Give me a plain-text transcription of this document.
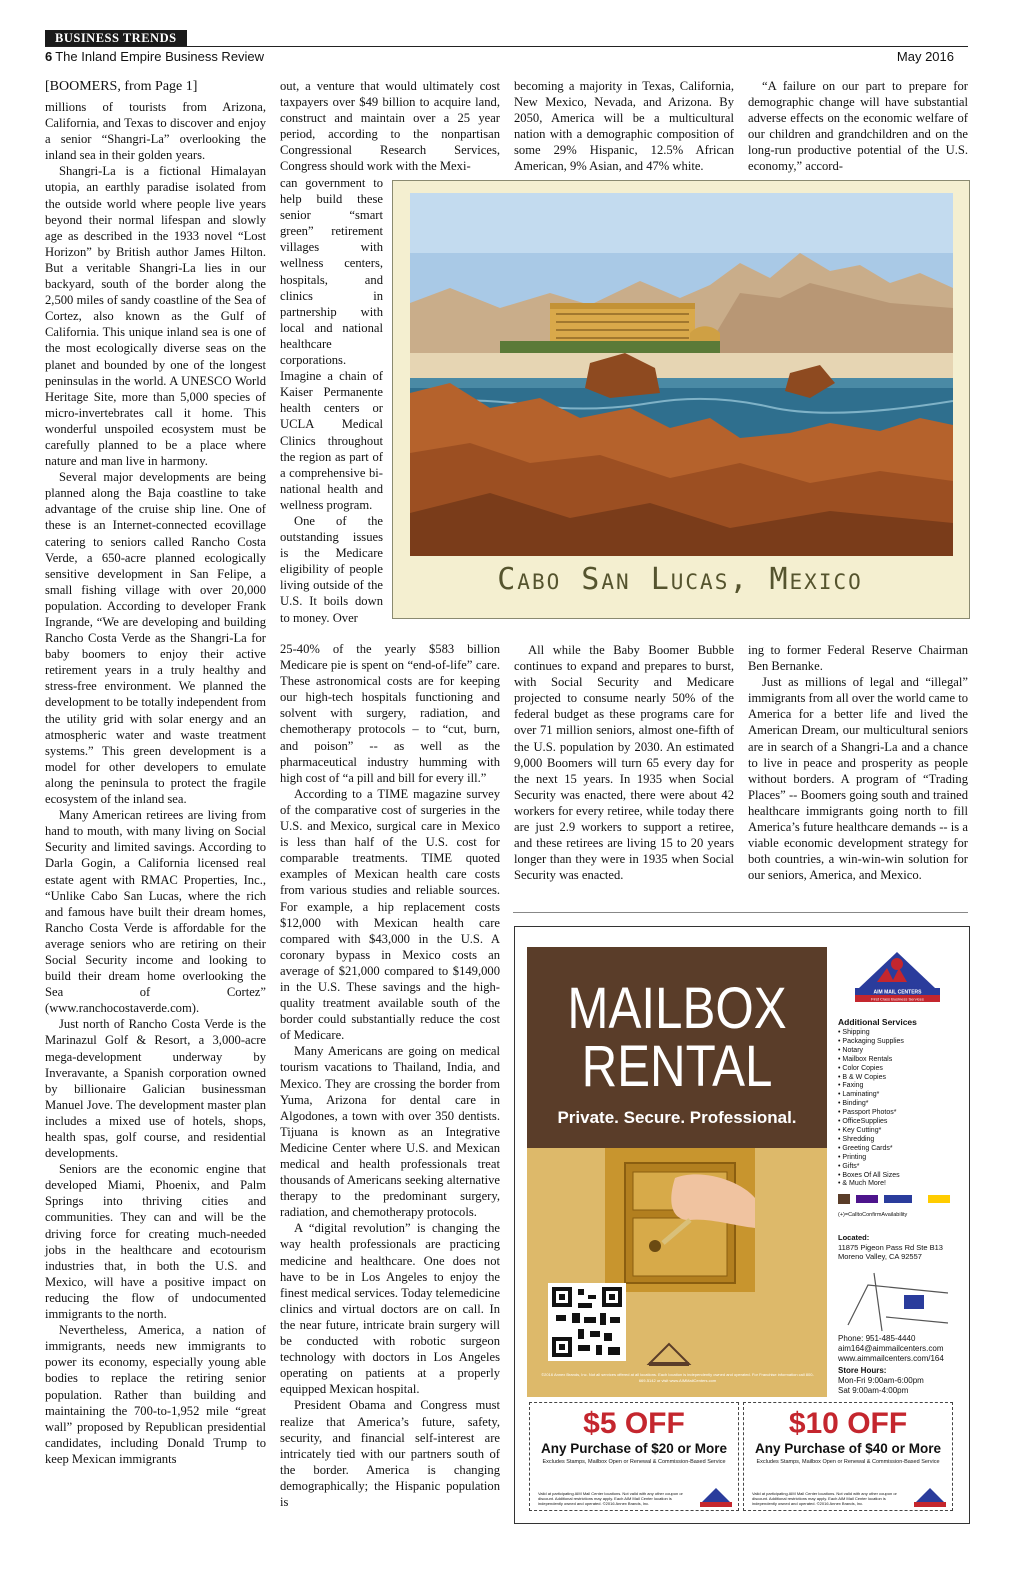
BUSINESS TRENDS
6 The Inland Empire Business Review	May 2016

[BOOMERS, from Page 1]

millions of tourists from Arizona, California, and Texas to discover and enjoy a senior “Shangri-La” overlooking the inland sea in their golden years.

Shangri-La is a fictional Himalayan utopia, an earthly paradise isolated from the outside world where people live years beyond their normal lifespan and slowly age as described in the 1933 novel “Lost Horizon” by British author James Hilton. But a veritable Shangri-La lies in our backyard, south of the border along the 2,500 miles of sandy coastline of the Sea of Cortez, also known as the Gulf of California. This unique inland sea is one of the most ecologically diverse seas on the planet and bounded by one of the longest peninsulas in the world. A UNESCO World Heritage Site, more than 5,000 species of micro-invertebrates call it home. This wonderful unspoiled ecosystem must be carefully planned to be a place where nature and man live in harmony.

Several major developments are being planned along the Baja coastline to take advantage of the cruise ship line. One of these is an Internet-connected ecovillage catering to seniors called Rancho Costa Verde, a 650-acre planned ecologically sensitive development in San Felipe, a small fishing village with over 20,000 population. According to developer Frank Ingrande, “We are developing and building Rancho Costa Verde as the Shangri-La for baby boomers to enjoy their active retirement years in a truly healthy and stress-free environment. We planned the development to be totally independent from the utility grid with solar energy and an atmospheric water and waste treatment systems.” This green development is a model for other developers to emulate along the peninsula to protect the fragile ecosystem of the inland sea.

Many American retirees are living from hand to mouth, with many living on Social Security and limited savings. According to Darla Gogin, a California licensed real estate agent with RMAC Properties, Inc., “Unlike Cabo San Lucas, where the rich and famous have built their dream homes, Rancho Costa Verde is affordable for the average seniors who are retiring on their Social Security income and looking to build their dream home overlooking the Sea of Cortez” (www.ranchocostaverde.com).

Just north of Rancho Costa Verde is the Marinazul Golf & Resort, a 3,000-acre mega-development underway by Inveravante, a Spanish corporation owned by billionaire Galician businessman Manuel Jove. The development master plan includes a mixed use of hotels, shops, health spas, golf course, and residential developments.

Seniors are the economic engine that developed Miami, Phoenix, and Palm Springs into thriving cities and communities. They can and will be the driving force for creating much-needed jobs in the healthcare and ecotourism industries that, in both the U.S. and Mexico, will have a positive impact on reducing the flow of undocumented immigrants to the north.

Nevertheless, America, a nation of immigrants, needs new immigrants to power its economy, especially young able bodies to replace the retiring senior population. Rather than building and maintaining the 700-to-1,952 mile “great wall” proposed by Republican presidential candidates, including Donald Trump to keep Mexican immigrants

out, a venture that would ultimately cost taxpayers over $49 billion to acquire land, construct and maintain over a 25 year period, according to the nonpartisan Congressional Research Services, Congress should work with the Mexi-

can government to help build these senior “smart green” retirement villages with wellness centers, hospitals, and clinics in partnership with local and national healthcare corporations. Imagine a chain of Kaiser Permanente health centers or UCLA Medical Clinics throughout the region as part of a comprehensive bi-national health and wellness program.

One of the outstanding issues is the Medicare eligibility of people living outside of the U.S. It boils down to money. Over

25-40% of the yearly $583 billion Medicare pie is spent on “end-of-life” care. These astronomical costs are for keeping our high-tech hospitals functioning and solvent with surgery, radiation, and chemotherapy protocols – to “cut, burn, and poison” -- as well as the pharmaceutical industry humming with high cost of “a pill and bill for every ill.”

According to a TIME magazine survey of the comparative cost of surgeries in the U.S. and Mexico, surgical care in Mexico is less than half of the U.S. cost for comparable treatments. TIME quoted examples of Mexican health care costs from various studies and reliable sources. For example, a hip replacement costs $12,000 with Mexican health care compared with $43,000 in the U.S. A coronary bypass in Mexico costs an average of $21,000 compared to $149,000 in the U.S. These savings and the high-quality treatment available south of the border could substantially reduce the cost of Medicare.

Many Americans are going on medical tourism vacations to Thailand, India, and Mexico. They are crossing the border from Yuma, Arizona for dental care in Algodones, a town with over 350 dentists. Tijuana is known as an Integrative Medicine Center where U.S. and Mexican medical and health professionals treat thousands of Americans seeking alternative therapy to the predominant surgery, radiation, and chemotherapy protocols.

A “digital revolution” is changing the way health professionals are practicing medicine and healthcare. One does not have to be in Los Angeles to enjoy the finest medical services. Today telemedicine clinics and virtual doctors are on call. In the near future, intricate brain surgery will be conducted with robotic surgeon technology with doctors in Los Angeles operating on patients at a properly equipped Mexican hospital.

President Obama and Congress must realize that America’s future, safety, security, and financial self-interest are intricately tied with our partners south of the border. America is changing demographically; the Hispanic population is

becoming a majority in Texas, California, New Mexico, Nevada, and Arizona. By 2050, America will be a multicultural nation with a demographic composition of some 29% Hispanic, 12.5% African American, 9% Asian, and 47% white.

“A failure on our part to prepare for demographic change will have substantial adverse effects on the economic welfare of our children and grandchildren and on the long-run productive potential of the U.S. economy,” accord-

Cabo San Lucas, Mexico

All while the Baby Boomer Bubble continues to expand and prepares to burst, with Social Security and Medicare projected to consume nearly 50% of the federal budget as these programs care for over 71 million seniors, almost one-fifth of the U.S. population by 2030. An estimated 9,000 Boomers will turn 65 every day for the next 15 years. In 1935 when Social Security was enacted, there were about 42 workers for every retiree, while today there are just 2.9 workers to support a retiree, and these retirees are living 15 to 20 years longer than they were in 1935 when Social Security was enacted.

ing to former Federal Reserve Chairman Ben Bernanke.

Just as millions of legal and “illegal” immigrants from all over the world came to America for a better life and lived the American Dream, our multicultural seniors are in search of a Shangri-La and a chance to live in peace and prosperity as people without borders. A program of “Trading Places” -- Boomers going south and trained healthcare immigrants going north to fill America’s future healthcare demands -- is a viable economic development strategy for both countries, a win-win-win solution for our seniors, America, and Mexico.

MAILBOX
RENTAL
Private. Secure. Professional.
©2016 Annex Brands, Inc. Not all services offered at all locations. Each location is independently owned and operated. For Franchise information call 800-669-5142 or visit www.AIMMailCenters.com
AIM MAIL CENTERS
First Class Business Services
Additional Services
• Shipping
• Packaging Supplies
• Notary
• Mailbox Rentals
• Color Copies
• B & W Copies
• Faxing
• Laminating*
• Binding*
• Passport Photos*
• OfficeSupplies
• Key Cutting*
• Shredding
• Greeting Cards*
• Printing
• Gifts*
• Boxes Of All Sizes
• & Much More!
(+)=CalltoConfirmAvailability
Located:
11875 Pigeon Pass Rd Ste B13
Moreno Valley, CA 92557
Phone: 951-485-4440
aim164@aimmailcenters.com
www.aimmailcenters.com/164
Store Hours:
Mon-Fri 9:00am-6:00pm
Sat 9:00am-4:00pm
$5 OFF
Any Purchase of $20 or More
Excludes Stamps, Mailbox Open or Renewal & Commission-Based Service
Valid at participating AIM Mail Center locations. Not valid with any other coupon or discount. Additional restrictions may apply. Each AIM Mail Center location is independently owned and operated. ©2016 Annex Brands, Inc.
$10 OFF
Any Purchase of $40 or More
Excludes Stamps, Mailbox Open or Renewal & Commission-Based Service
Valid at participating AIM Mail Center locations. Not valid with any other coupon or discount. Additional restrictions may apply. Each AIM Mail Center location is independently owned and operated. ©2016 Annex Brands, Inc.
